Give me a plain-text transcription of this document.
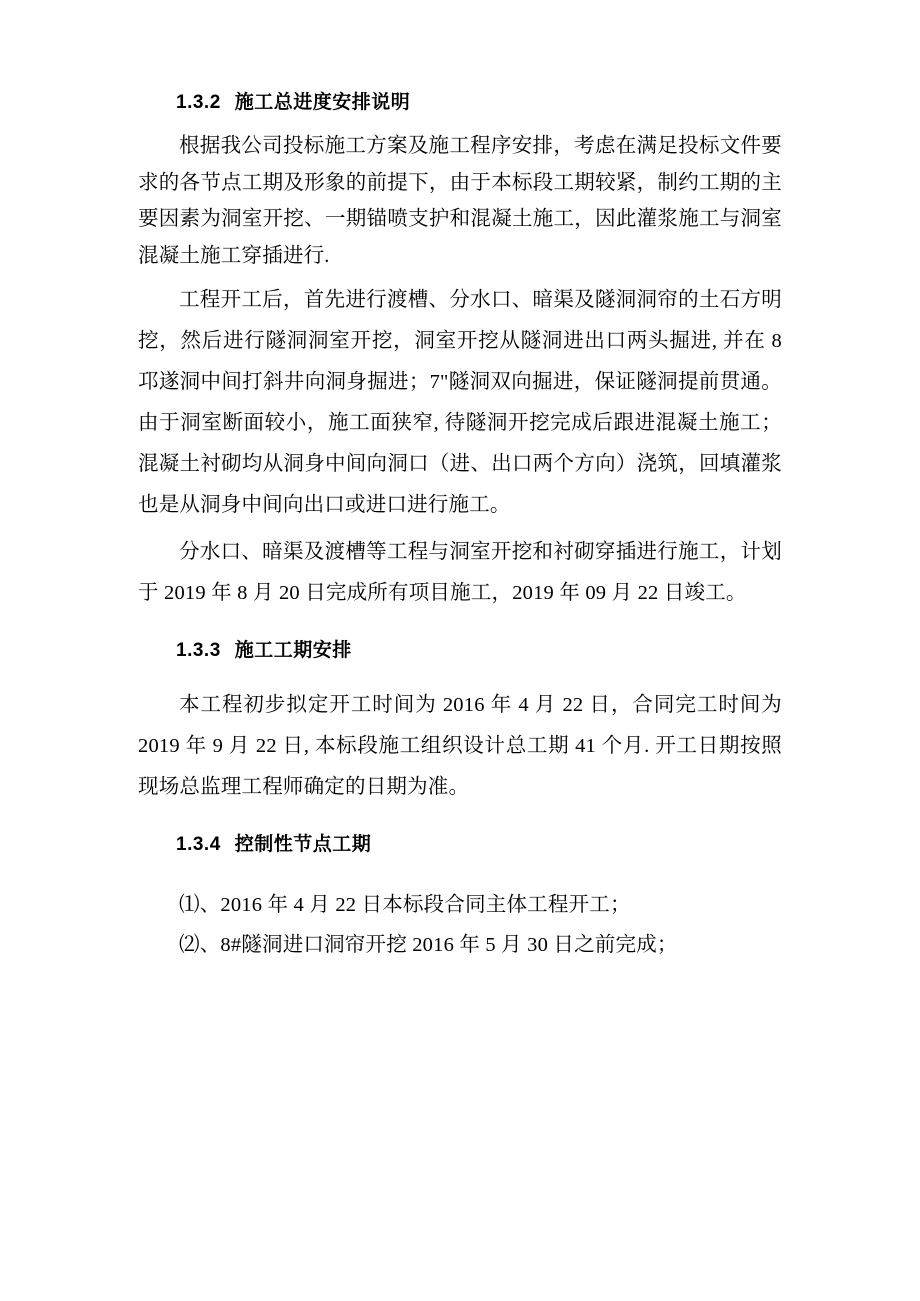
1.3.2 施工总进度安排说明

根据我公司投标施工方案及施工程序安排，考虑在满足投标文件要求的各节点工期及形象的前提下，由于本标段工期较紧，制约工期的主要因素为洞室开挖、一期锚喷支护和混凝土施工，因此灌浆施工与洞室混凝土施工穿插进行.

工程开工后，首先进行渡槽、分水口、暗渠及隧洞洞帘的土石方明挖，然后进行隧洞洞室开挖，洞室开挖从隧洞进出口两头掘进, 并在 8 邛遂洞中间打斜井向洞身掘进；7"隧洞双向掘进，保证隧洞提前贯通。由于洞室断面较小，施工面狭窄, 待隧洞开挖完成后跟进混凝土施工；混凝土衬砌均从洞身中间向洞口（进、出口两个方向）浇筑，回填灌浆也是从洞身中间向出口或进口进行施工。

分水口、暗渠及渡槽等工程与洞室开挖和衬砌穿插进行施工，计划于 2019 年 8 月 20 日完成所有项目施工，2019 年 09 月 22 日竣工。

1.3.3 施工工期安排

本工程初步拟定开工时间为 2016 年 4 月 22 日，合同完工时间为 2019 年 9 月 22 日, 本标段施工组织设计总工期 41 个月. 开工日期按照现场总监理工程师确定的日期为准。

1.3.4 控制性节点工期

⑴、2016 年 4 月 22 日本标段合同主体工程开工；

⑵、8#隧洞进口洞帘开挖 2016 年 5 月 30 日之前完成；
